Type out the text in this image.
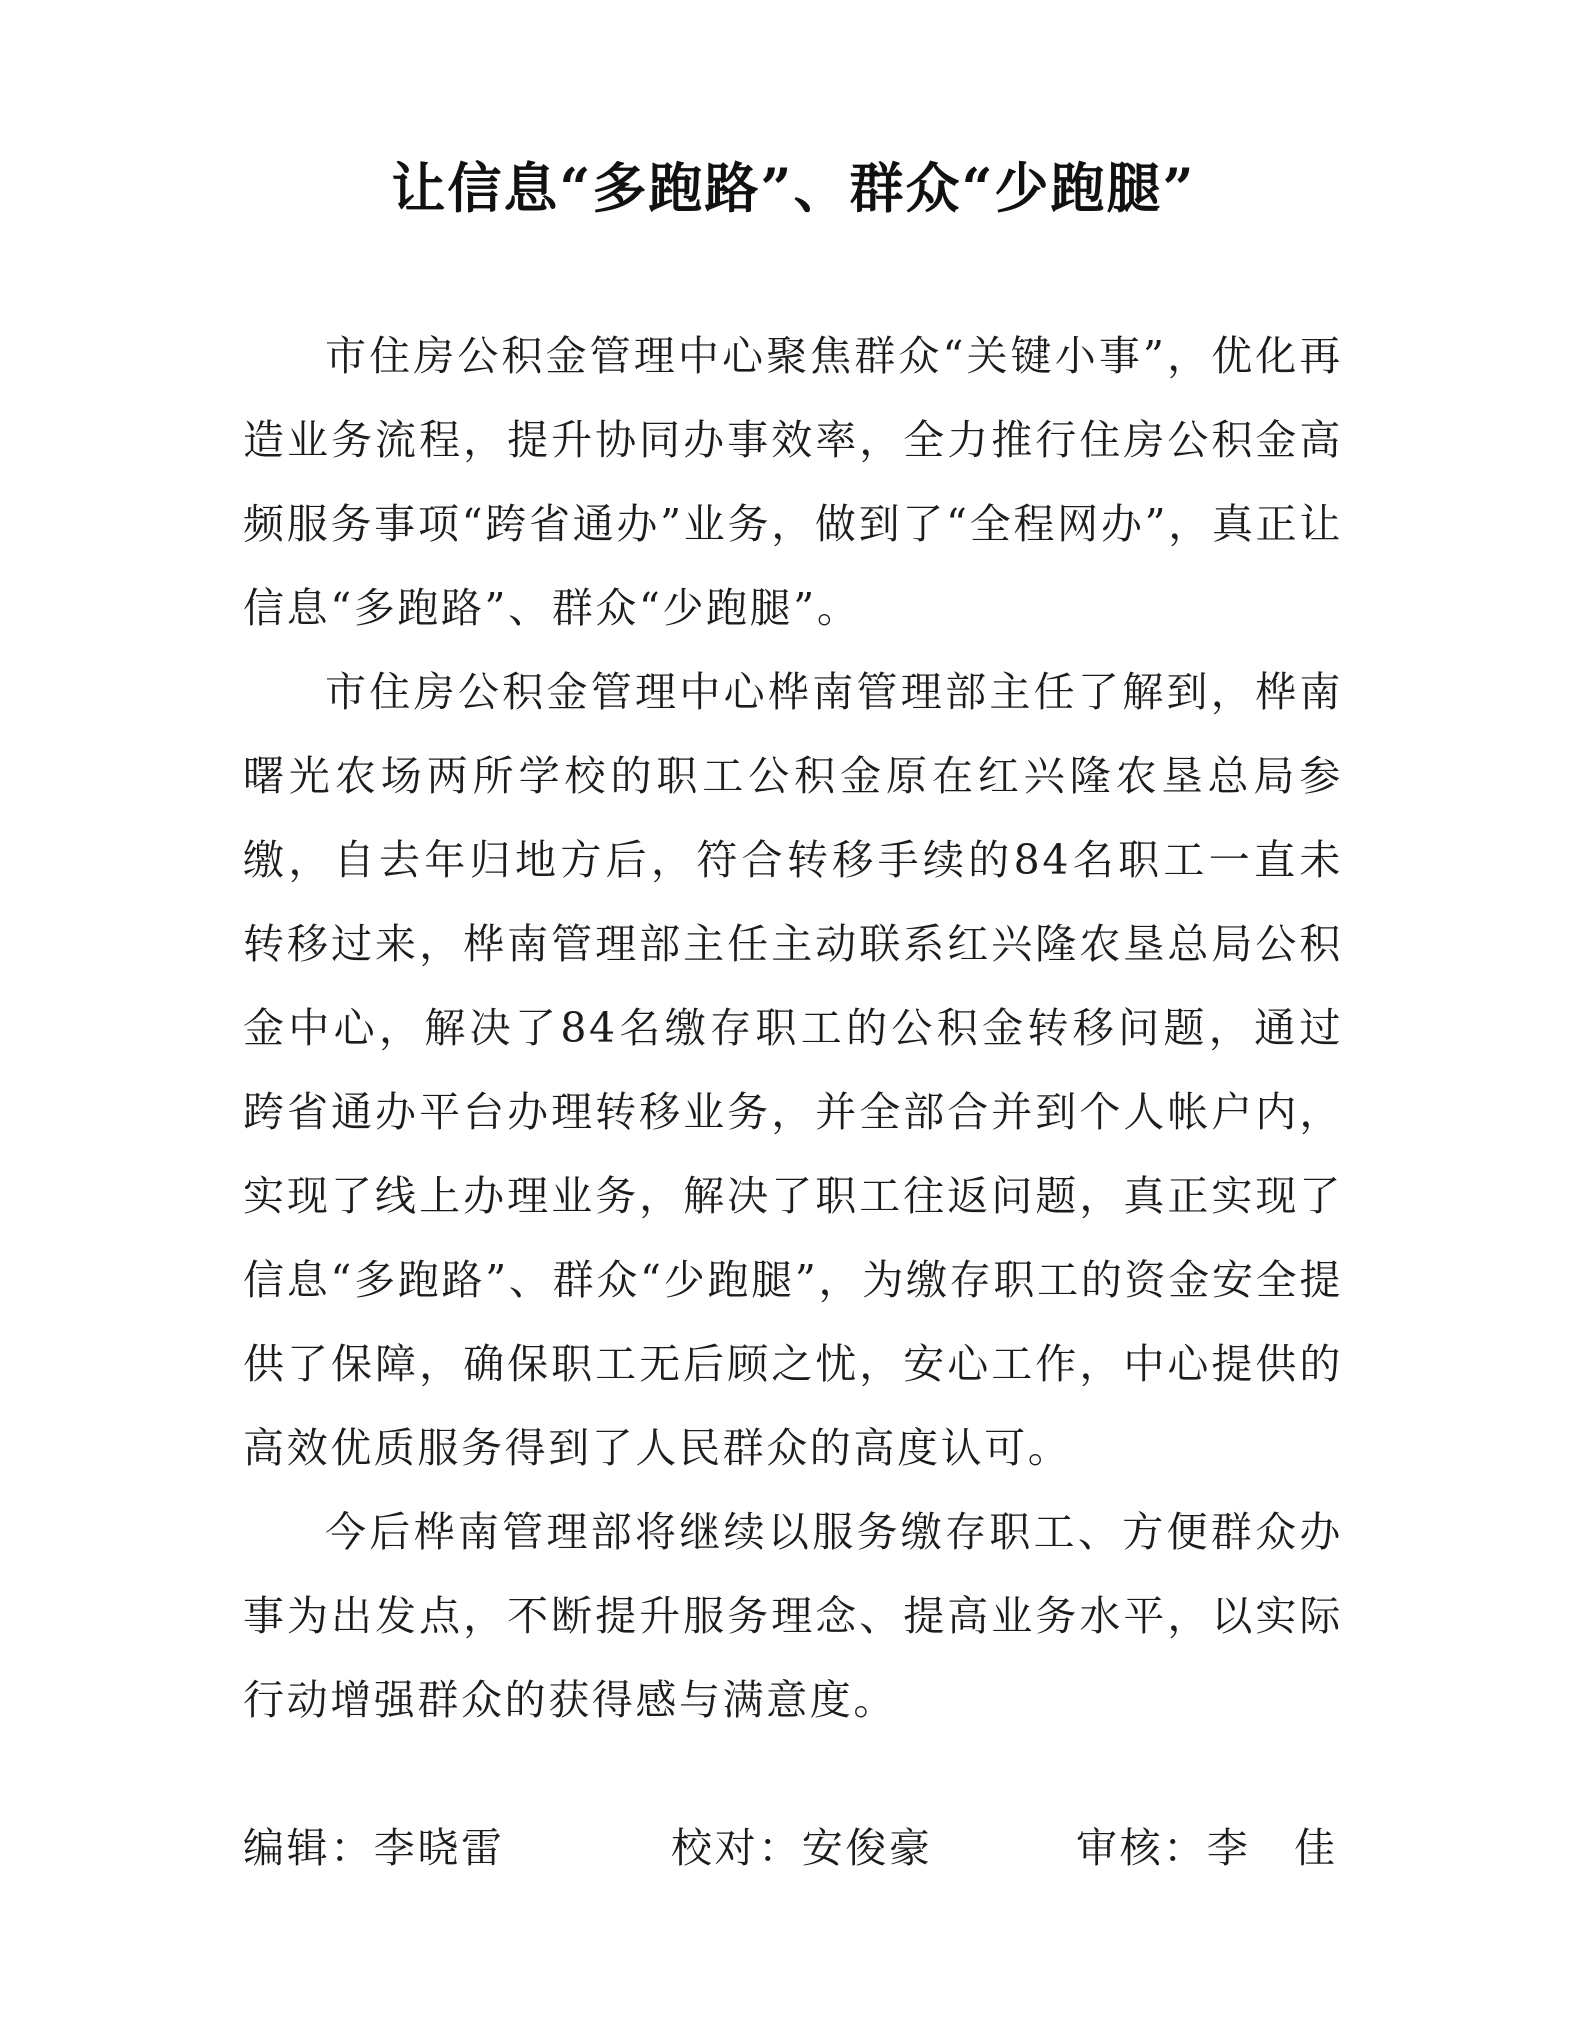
让信息“多跑路”、群众“少跑腿”

市住房公积金管理中心聚焦群众“关键小事”，优化再造业务流程，提升协同办事效率，全力推行住房公积金高频服务事项“跨省通办”业务，做到了“全程网办”，真正让信息“多跑路”、群众“少跑腿”。

市住房公积金管理中心桦南管理部主任了解到，桦南曙光农场两所学校的职工公积金原在红兴隆农垦总局参缴，自去年归地方后，符合转移手续的84名职工一直未转移过来，桦南管理部主任主动联系红兴隆农垦总局公积金中心，解决了84名缴存职工的公积金转移问题，通过跨省通办平台办理转移业务，并全部合并到个人帐户内，实现了线上办理业务，解决了职工往返问题，真正实现了信息“多跑路”、群众“少跑腿”，为缴存职工的资金安全提供了保障，确保职工无后顾之忧，安心工作，中心提供的高效优质服务得到了人民群众的高度认可。

今后桦南管理部将继续以服务缴存职工、方便群众办事为出发点，不断提升服务理念、提高业务水平，以实际行动增强群众的获得感与满意度。

编辑：李晓雷	校对：安俊豪	审核：李　佳
